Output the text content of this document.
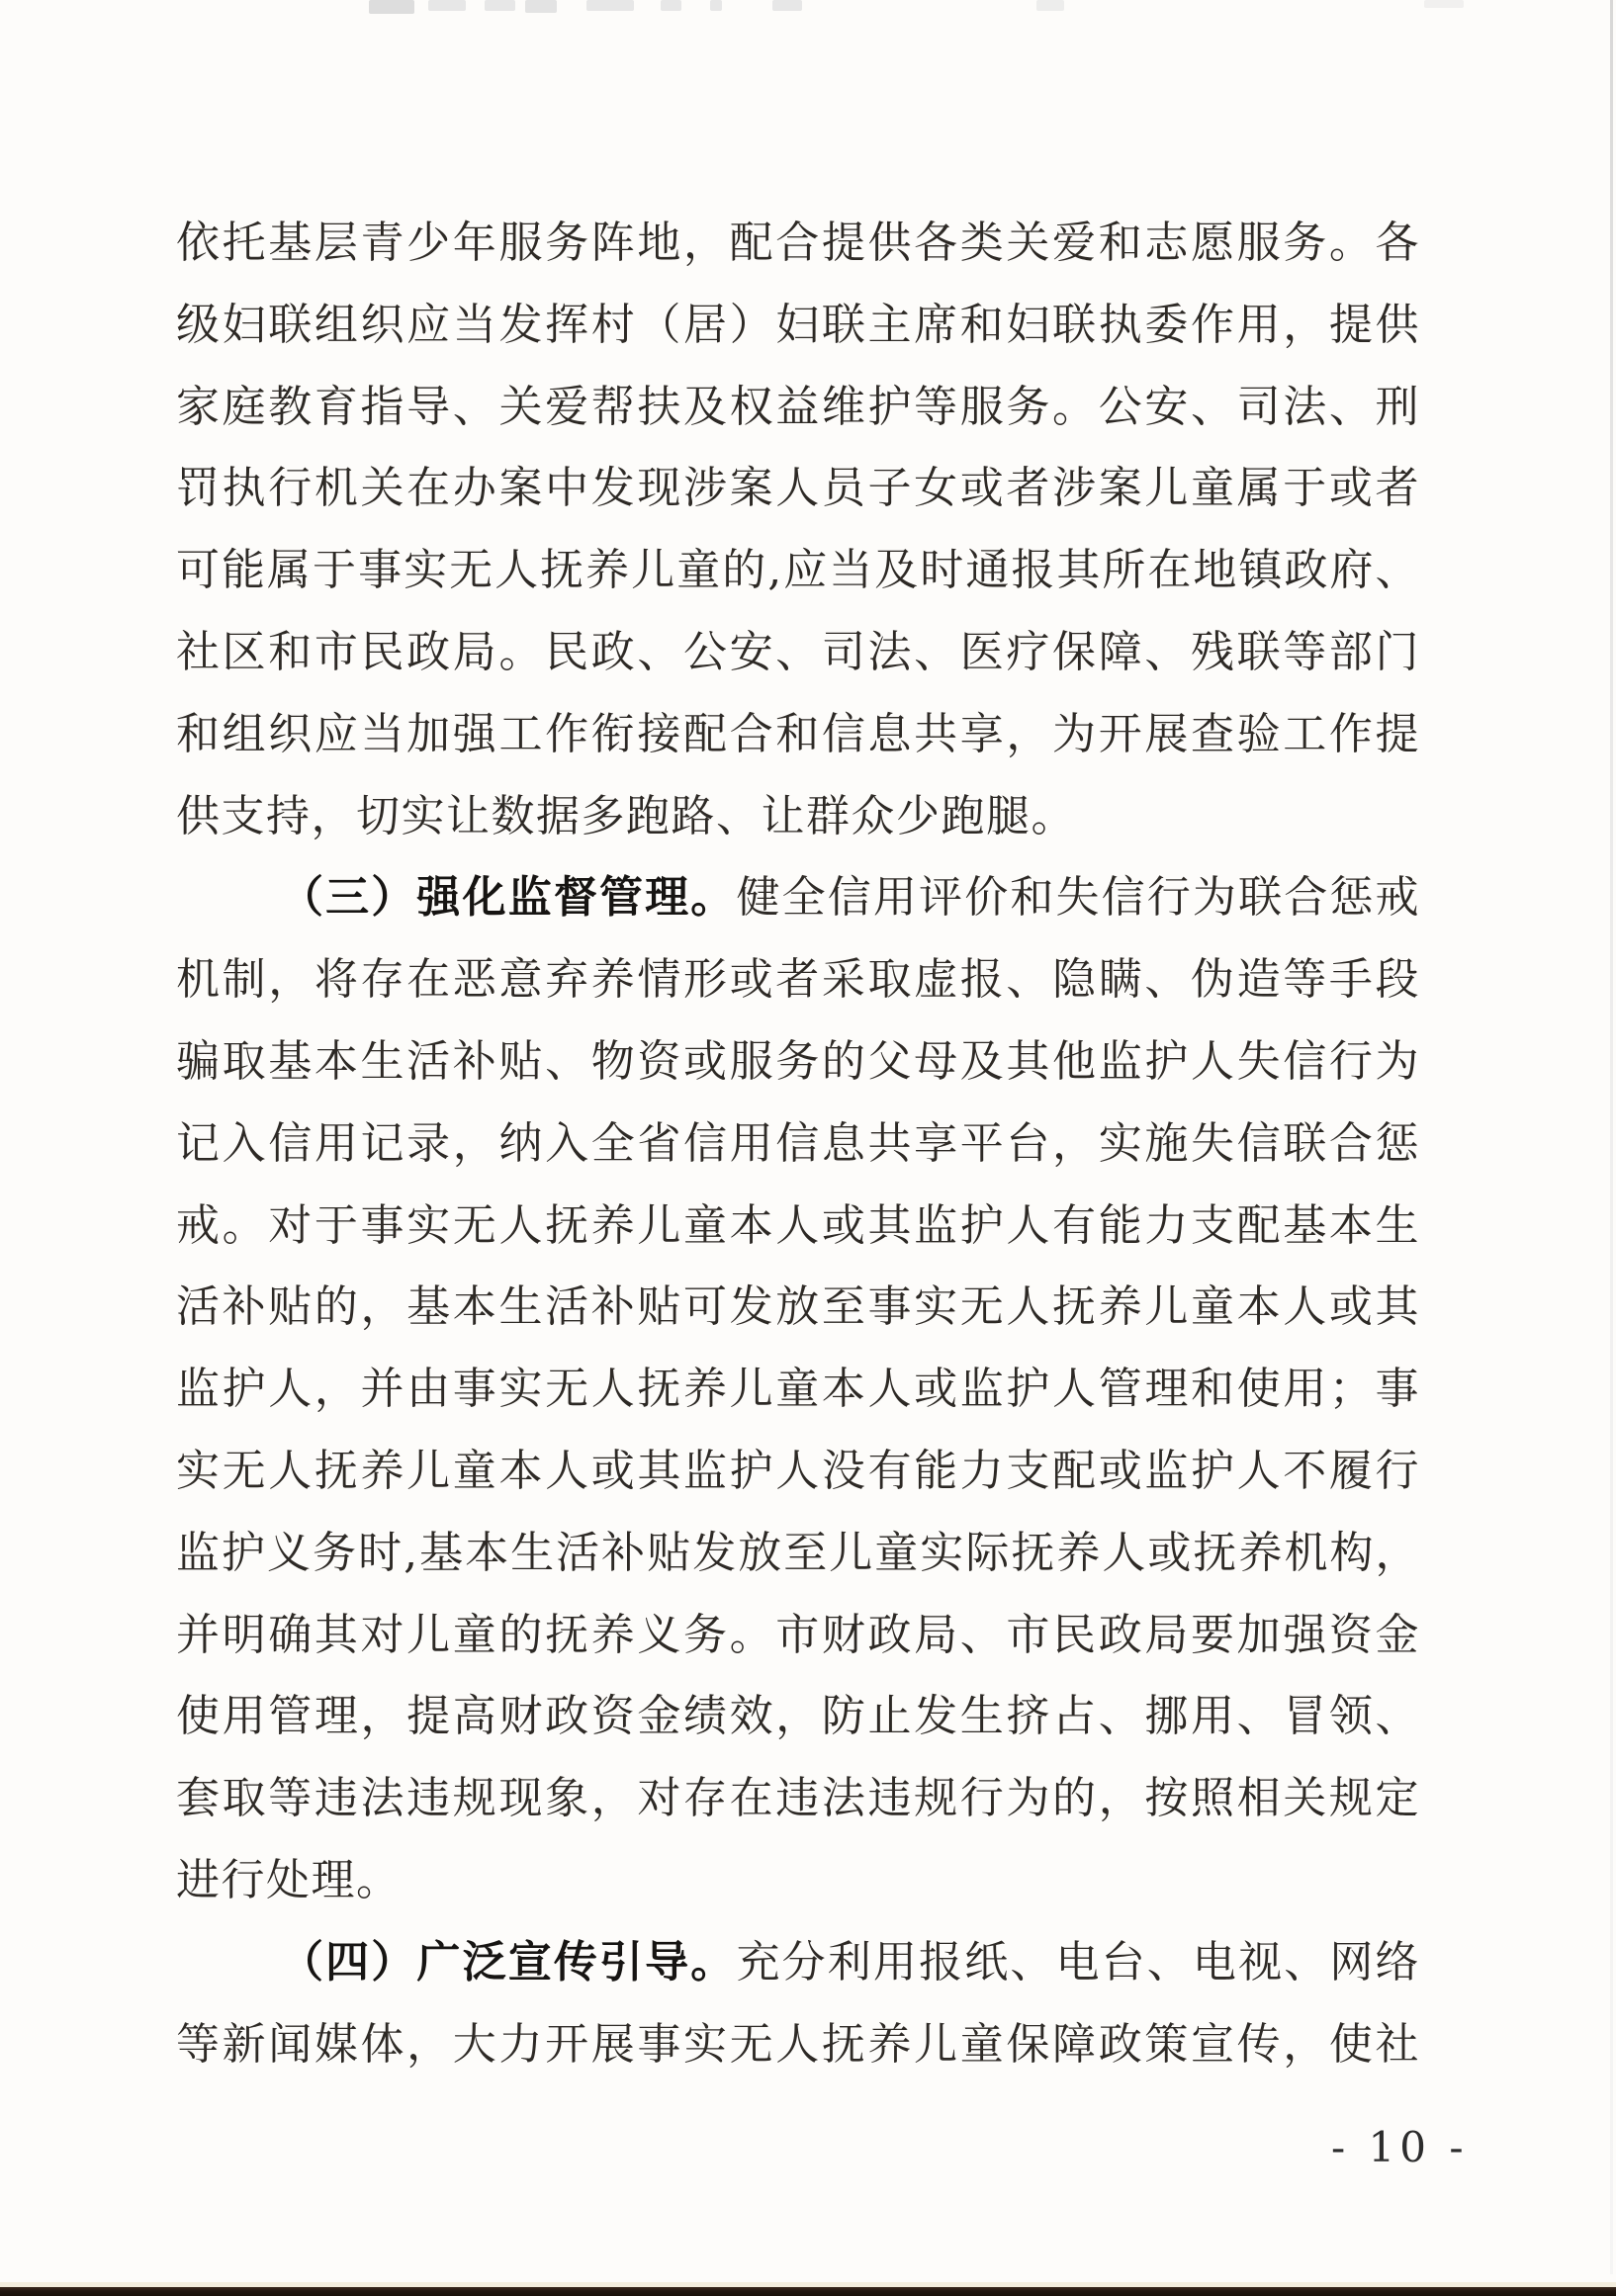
依托基层青少年服务阵地，配合提供各类关爱和志愿服务。各
级妇联组织应当发挥村（居）妇联主席和妇联执委作用，提供
家庭教育指导、关爱帮扶及权益维护等服务。公安、司法、刑
罚执行机关在办案中发现涉案人员子女或者涉案儿童属于或者
可能属于事实无人抚养儿童的,应当及时通报其所在地镇政府、
社区和市民政局。民政、公安、司法、医疗保障、残联等部门
和组织应当加强工作衔接配合和信息共享，为开展查验工作提
供支持，切实让数据多跑路、让群众少跑腿。
（三）强化监督管理。健全信用评价和失信行为联合惩戒
机制，将存在恶意弃养情形或者采取虚报、隐瞒、伪造等手段
骗取基本生活补贴、物资或服务的父母及其他监护人失信行为
记入信用记录，纳入全省信用信息共享平台，实施失信联合惩
戒。对于事实无人抚养儿童本人或其监护人有能力支配基本生
活补贴的，基本生活补贴可发放至事实无人抚养儿童本人或其
监护人，并由事实无人抚养儿童本人或监护人管理和使用；事
实无人抚养儿童本人或其监护人没有能力支配或监护人不履行
监护义务时,基本生活补贴发放至儿童实际抚养人或抚养机构，
并明确其对儿童的抚养义务。市财政局、市民政局要加强资金
使用管理，提高财政资金绩效，防止发生挤占、挪用、冒领、
套取等违法违规现象，对存在违法违规行为的，按照相关规定
进行处理。
（四）广泛宣传引导。充分利用报纸、电台、电视、网络
等新闻媒体，大力开展事实无人抚养儿童保障政策宣传，使社
- 10 -
